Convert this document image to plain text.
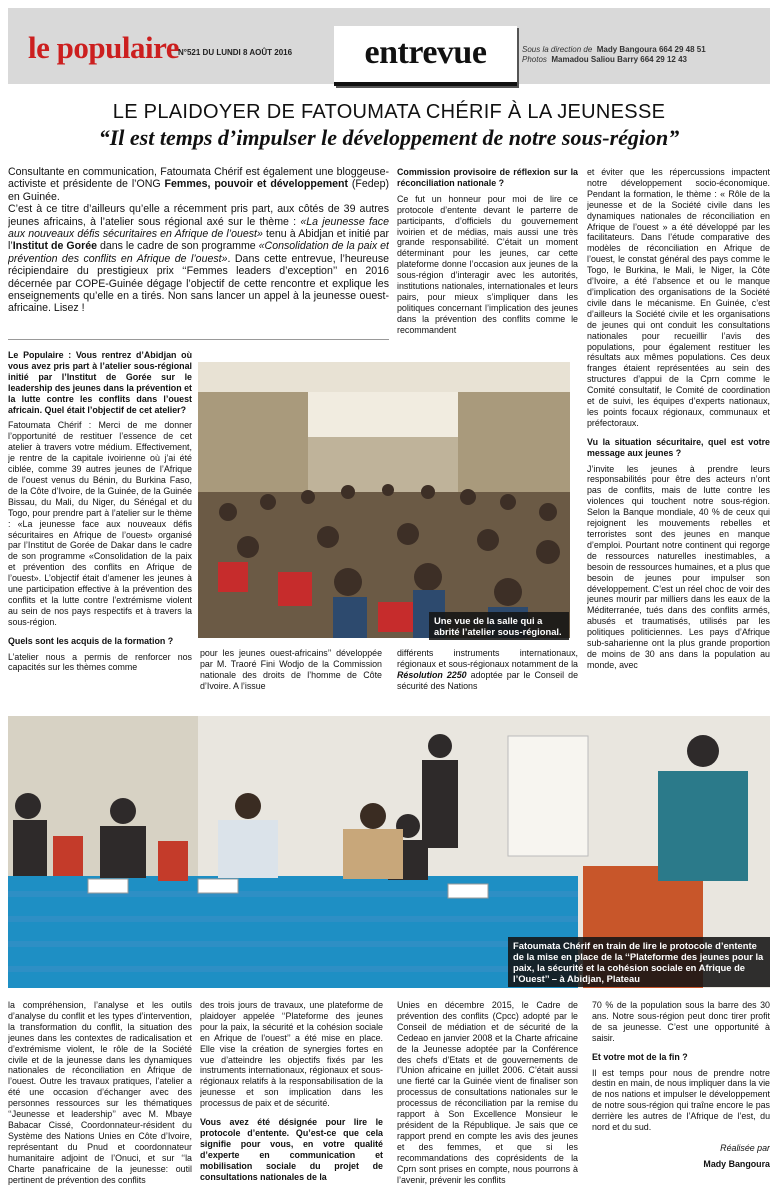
le populaire
N°521 DU LUNDI 8 AOÛT 2016	entrevue	Sous la direction de Mady Bangoura 664 29 48 51
Photos Mamadou Saliou Barry 664 29 12 43
LE PLAIDOYER DE FATOUMATA CHÉRIF À LA JEUNESSE
“Il est temps d’impulser le développement de notre sous-région”

Consultante en communication, Fatoumata Chérif est également une bloggeuse-activiste et présidente de l’ONG Femmes, pouvoir et développement (Fedep) en Guinée.

C’est à ce titre d’ailleurs qu’elle a récemment pris part, aux côtés de 39 autres jeunes africains, à l’atelier sous régional axé sur le thème : «La jeunesse face aux nouveaux défis sécuritaires en Afrique de l’ouest» tenu à Abidjan et initié par l’Institut de Gorée dans le cadre de son programme «Consolidation de la paix et prévention des conflits en Afrique de l’ouest». Dans cette entrevue, l’heureuse récipiendaire du prestigieux prix ‘‘Femmes leaders d’exception’’ en 2016 décernée par COPE-Guinée dégage l’objectif de cette rencontre et explique les enseignements qu’elle en a tirés. Non sans lancer un appel à la jeunesse ouest-africaine. Lisez !

Commission provisoire de réflexion sur la réconciliation nationale ?

Ce fut un honneur pour moi de lire ce protocole d’entente devant le parterre de participants, d’officiels du gouvernement ivoirien et de médias, mais aussi une très grande responsabilité. C’était un moment déterminant pour les jeunes, car cette plateforme donne l’occasion aux jeunes de la sous-région d’interagir avec les autorités, institutions nationales, internationales et leurs pairs, pour mieux s’impliquer dans les politiques concernant l’implication des jeunes dans la prévention des conflits comme le recommandent

et éviter que les répercussions impactent notre développement socio-économique. Pendant la formation, le thème : « Rôle de la jeunesse et de la Société civile dans les dynamiques nationales de réconciliation en Afrique de l’ouest » a été développé par les facilitateurs. Dans l’étude comparative des modèles de réconciliation en Afrique de l’ouest, le constat général des pays comme le Togo, le Burkina, le Mali, le Niger, la Côte d’Ivoire, a été l’absence et ou le manque d’implication des organisations de la Société civile dans le mécanisme. En Guinée, c’est d’ailleurs la Société civile et les organisations de jeunes qui ont conduit les consultations nationales pour recueillir l’avis des populations, pour également restituer les résultats aux mêmes populations. Ces deux franges étaient représentées au sein des structures d’appui de la Cprn comme le Comité consultatif, le Comité de coordination et de suivi, les équipes d’experts nationaux, les points focaux régionaux, communaux et préfectoraux.

Vu la situation sécuritaire, quel est votre message aux jeunes ?

J’invite les jeunes à prendre leurs responsabilités pour être des acteurs n’ont pas de conflits, mais de lutte contre les violences qui touchent notre sous-région. Selon la Banque mondiale, 40 % de ceux qui rejoignent les mouvements rebelles et terroristes sont des jeunes en manque d’emploi. Pourtant notre continent qui regorge de ressources naturelles inestimables, a besoin de ressources humaines, et a plus que besoin de jeunes pour impulser son développement. C’est un réel choc de voir des jeunes mourir par milliers dans les eaux de la Méditerranée, tués dans des conflits armés, abusés et traumatisés, utilisés par les politiques politiciennes. Les pays d’Afrique sub-saharienne ont la plus grande proportion de moins de 30 ans dans la population au monde, avec

Le Populaire : Vous rentrez d’Abidjan où vous avez pris part à l’atelier sous-régional initié par l’Institut de Gorée sur le leadership des jeunes dans la prévention et la lutte contre les conflits dans l’ouest africain. Quel était l’objectif de cet atelier?

Fatoumata Chérif : Merci de me donner l’opportunité de restituer l’essence de cet atelier à travers votre médium. Effectivement, je rentre de la capitale ivoirienne où j’ai été ciblée, comme 39 autres jeunes de l’Afrique de l’ouest venus du Bénin, du Burkina Faso, de la Côte d’Ivoire, de la Guinée, de la Guinée Bissau, du Mali, du Niger, du Sénégal et du Togo, pour prendre part à l’atelier sur le thème : «La jeunesse face aux nouveaux défis sécuritaires en Afrique de l’ouest» organisé par l’Institut de Gorée de Dakar dans le cadre de son programme «Consolidation de la paix et prévention des conflits en Afrique de l’ouest». L’objectif était d’amener les jeunes à une participation effective à la prévention des conflits et la lutte contre l’extrémisme violent au sein de nos pays respectifs et à travers la sous-région.

Quels sont les acquis de la formation ?

L’atelier nous a permis de renforcer nos capacités sur les thèmes comme

Une vue de la salle qui a abrité l’atelier sous-régional.

pour les jeunes ouest-africains’’ développée par M. Traoré Fini Wodjo de la Commission nationale des droits de l’homme de Côte d’Ivoire. A l’issue

différents instruments internationaux, régionaux et sous-régionaux notamment de la Résolution 2250 adoptée par le Conseil de sécurité des Nations

Fatoumata Chérif en train de lire le protocole d’entente de la mise en place de la ‘‘Plateforme des jeunes pour la paix, la sécurité et la cohésion sociale en Afrique de l’Ouest’’ – à Abidjan, Plateau

la compréhension, l’analyse et les outils d’analyse du conflit et les types d’intervention, la transformation du conflit, la situation des jeunes dans les contextes de radicalisation et d’extrémisme violent, le rôle de la Société civile et de la jeunesse dans les dynamiques nationales de réconciliation en Afrique de l’ouest. Outre les travaux pratiques, l’atelier a été une occasion d’échanger avec des personnes ressources sur les thématiques ‘‘Jeunesse et leadership’’ avec M. Mbaye Babacar Cissé, Coordonnateur-résident du Système des Nations Unies en Côte d’Ivoire, représentant du Pnud et coordonnateur humanitaire adjoint de l’Onuci, et sur ‘‘la Charte panafricaine de la jeunesse: outil pertinent de prévention des conflits

des trois jours de travaux, une plateforme de plaidoyer appelée ‘‘Plateforme des jeunes pour la paix, la sécurité et la cohésion sociale en Afrique de l’ouest’’ a été mise en place. Elle vise la création de synergies fortes en vue d’atteindre les objectifs fixés par les instruments internationaux, régionaux et sous-régionaux relatifs à la responsabilisation de la jeunesse et son implication dans les processus de paix et de sécurité.

Vous avez été désignée pour lire le protocole d’entente. Qu’est-ce que cela signifie pour vous, en votre qualité d’experte en communication et mobilisation sociale du projet de consultations nationales de la

Unies en décembre 2015, le Cadre de prévention des conflits (Cpcc) adopté par le Conseil de médiation et de sécurité de la Cedeao en janvier 2008 et la Charte africaine de la Jeunesse adoptée par la Conférence des chefs d’Etats et de gouvernements de l’Union africaine en juillet 2006. C’était aussi une fierté car la Guinée vient de finaliser son processus de consultations nationales sur le processus de réconciliation par la remise du rapport à Son Excellence Monsieur le président de la République. Je sais que ce rapport prend en compte les avis des jeunes et des femmes, et que si les recommandations des coprésidents de la Cprn sont prises en compte, nous pourrons à l’avenir, prévenir les conflits

70 % de la population sous la barre des 30 ans. Notre sous-région peut donc tirer profit de sa jeunesse. C’est une opportunité à saisir.

Et votre mot de la fin ?

Il est temps pour nous de prendre notre destin en main, de nous impliquer dans la vie de nos nations et impulser le développement de notre sous-région qui traîne encore le pas derrière les autres de l’Afrique de l’est, du nord et du sud.

Réalisée par

Mady Bangoura
